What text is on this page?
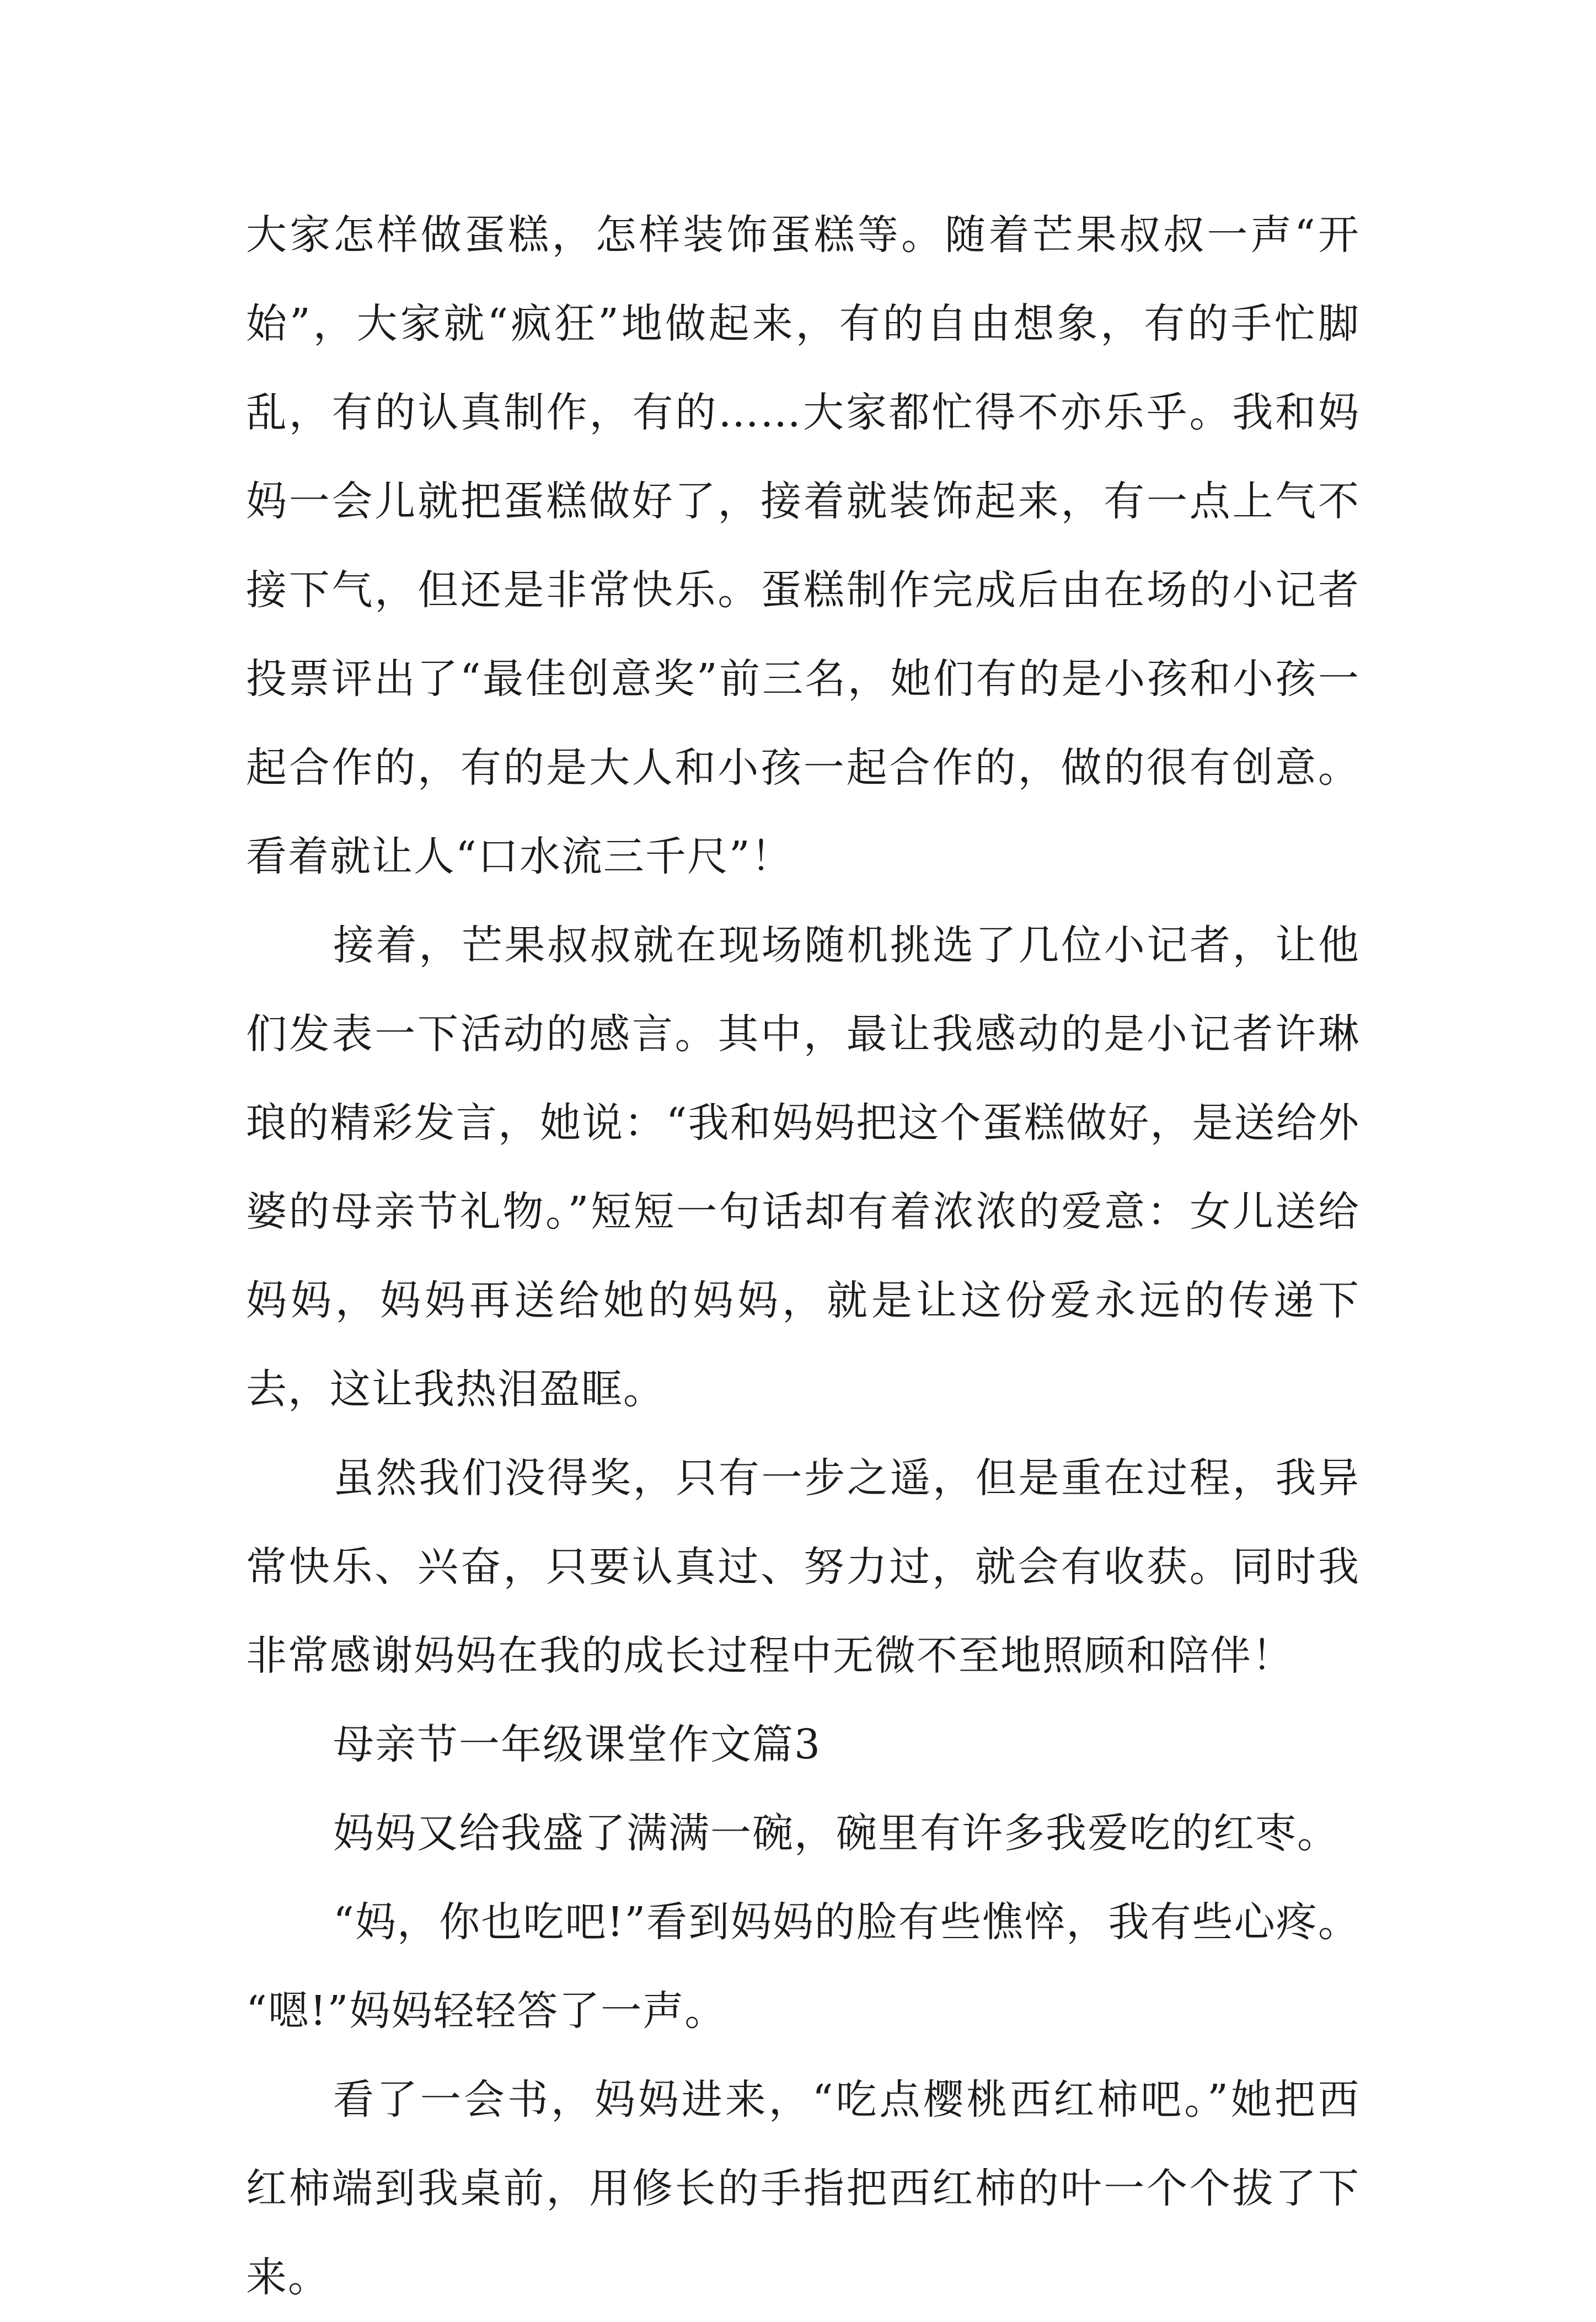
大家怎样做蛋糕，怎样装饰蛋糕等。随着芒果叔叔一声“开始”，大家就“疯狂”地做起来，有的自由想象，有的手忙脚乱，有的认真制作，有的……大家都忙得不亦乐乎。我和妈妈一会儿就把蛋糕做好了，接着就装饰起来，有一点上气不接下气，但还是非常快乐。蛋糕制作完成后由在场的小记者投票评出了“最佳创意奖”前三名，她们有的是小孩和小孩一起合作的，有的是大人和小孩一起合作的，做的很有创意。看着就让人“口水流三千尺”！

接着，芒果叔叔就在现场随机挑选了几位小记者，让他们发表一下活动的感言。其中，最让我感动的是小记者许琳琅的精彩发言，她说：“我和妈妈把这个蛋糕做好，是送给外婆的母亲节礼物。”短短一句话却有着浓浓的爱意：女儿送给妈妈，妈妈再送给她的妈妈，就是让这份爱永远的传递下去，这让我热泪盈眶。

虽然我们没得奖，只有一步之遥，但是重在过程，我异常快乐、兴奋，只要认真过、努力过，就会有收获。同时我非常感谢妈妈在我的成长过程中无微不至地照顾和陪伴！

母亲节一年级课堂作文篇3

妈妈又给我盛了满满一碗，碗里有许多我爱吃的红枣。

“妈，你也吃吧!”看到妈妈的脸有些憔悴，我有些心疼。 “嗯!”妈妈轻轻答了一声。

看了一会书，妈妈进来，“吃点樱桃西红柿吧。”她把西红柿端到我桌前，用修长的手指把西红柿的叶一个个拔了下来。
